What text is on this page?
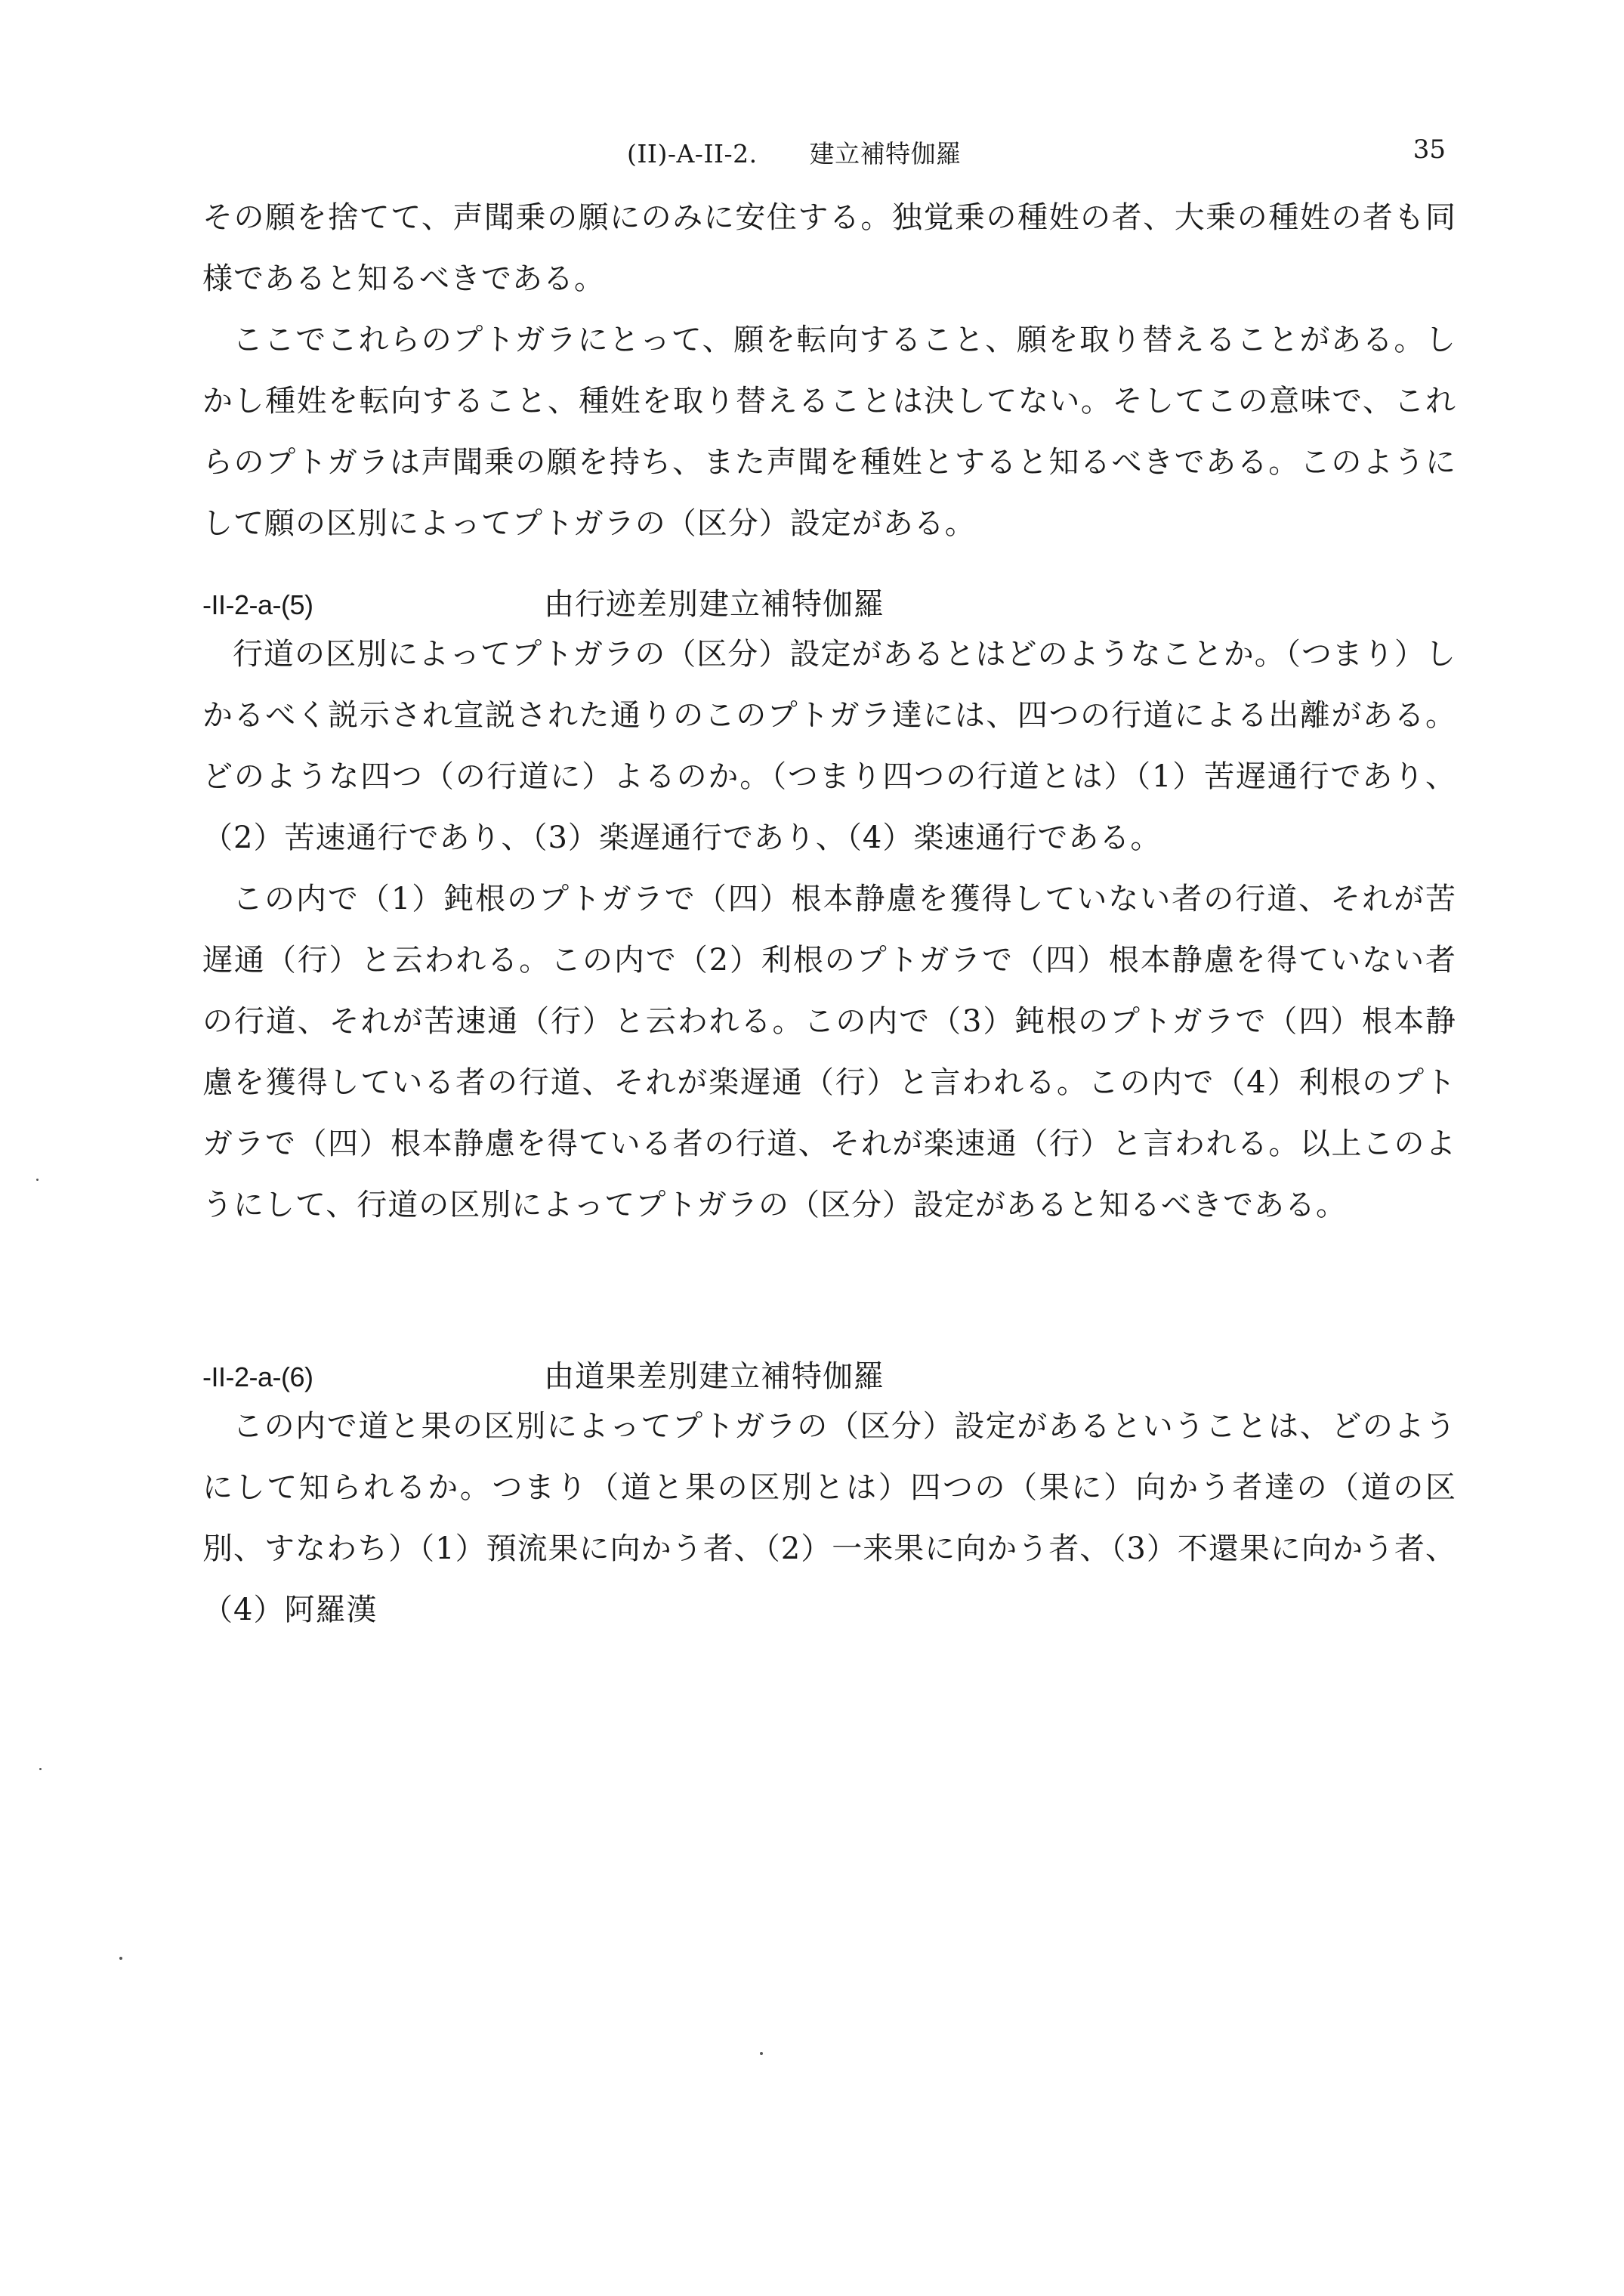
(II)-A-II-2. 建立補特伽羅	35

その願を捨てて、声聞乗の願にのみに安住する。独覚乗の種姓の者、大乗の種姓の者も同様であると知るべきである。

ここでこれらのプトガラにとって、願を転向すること、願を取り替えることがある。しかし種姓を転向すること、種姓を取り替えることは決してない。そしてこの意味で、これらのプトガラは声聞乗の願を持ち、また声聞を種姓とすると知るべきである。このようにして願の区別によってプトガラの（区分）設定がある。

-II-2-a-(5)	由行迹差別建立補特伽羅

行道の区別によってプトガラの（区分）設定があるとはどのようなことか。（つまり）しかるべく説示され宣説された通りのこのプトガラ達には、四つの行道による出離がある。どのような四つ（の行道に）よるのか。（つまり四つの行道とは）（1）苦遅通行であり、（2）苦速通行であり、（3）楽遅通行であり、（4）楽速通行である。

この内で（1）鈍根のプトガラで（四）根本静慮を獲得していない者の行道、それが苦遅通（行）と云われる。この内で（2）利根のプトガラで（四）根本静慮を得ていない者の行道、それが苦速通（行）と云われる。この内で（3）鈍根のプトガラで（四）根本静慮を獲得している者の行道、それが楽遅通（行）と言われる。この内で（4）利根のプトガラで（四）根本静慮を得ている者の行道、それが楽速通（行）と言われる。以上このようにして、行道の区別によってプトガラの（区分）設定があると知るべきである。

-II-2-a-(6)	由道果差別建立補特伽羅

この内で道と果の区別によってプトガラの（区分）設定があるということは、どのようにして知られるか。つまり（道と果の区別とは）四つの（果に）向かう者達の（道の区別、すなわち）（1）預流果に向かう者、（2）一来果に向かう者、（3）不還果に向かう者、（4）阿羅漢
